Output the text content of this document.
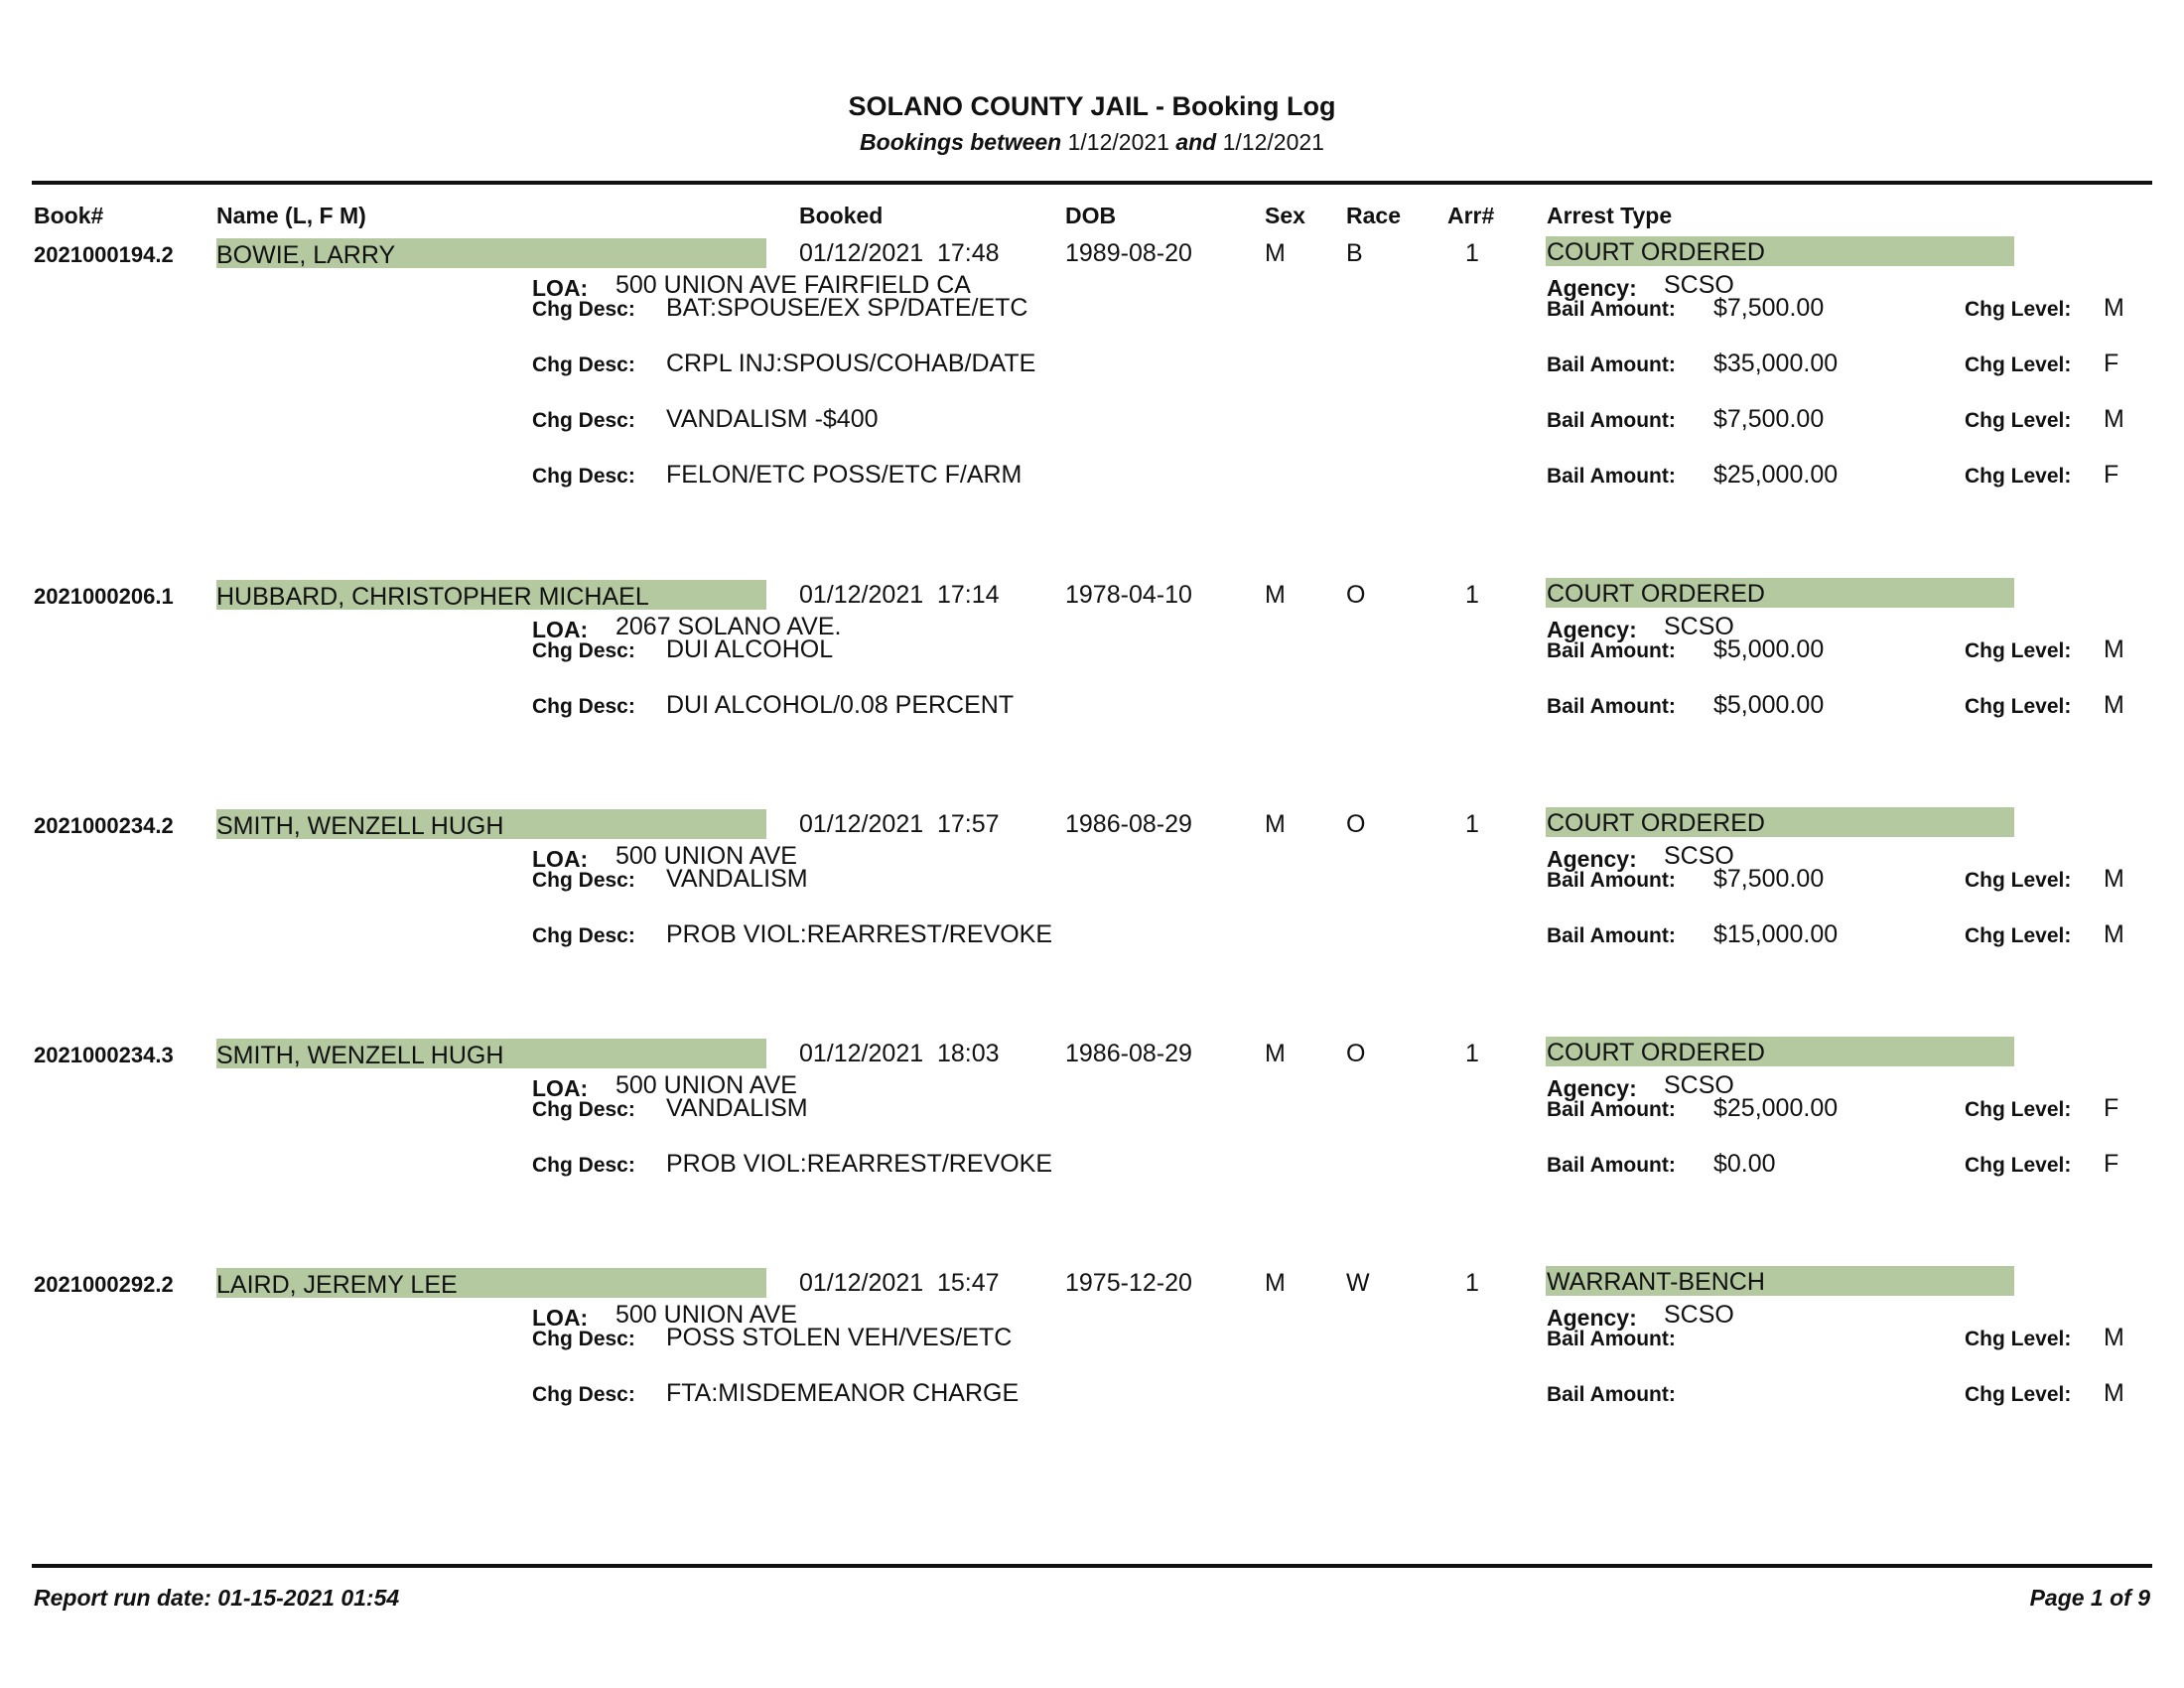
SOLANO COUNTY JAIL - Booking Log
Bookings between 1/12/2021 and 1/12/2021
Book#	Name (L, F M)	Booked	DOB	Sex Race Arr# Arrest Type
2021000194.2 BOWIE, LARRY	01/12/2021 17:48	1989-08-20	M B	1	COURT ORDERED
LOA: 500 UNION AVE FAIRFIELD CA	Agency: SCSO
Chg Desc: BAT:SPOUSE/EX SP/DATE/ETC	Bail Amount: $7,500.00	Chg Level: M
Chg Desc: CRPL INJ:SPOUS/COHAB/DATE	Bail Amount: $35,000.00	Chg Level: F
Chg Desc: VANDALISM -$400	Bail Amount: $7,500.00	Chg Level: M
Chg Desc: FELON/ETC POSS/ETC F/ARM	Bail Amount: $25,000.00	Chg Level: F
2021000206.1 HUBBARD, CHRISTOPHER MICHAEL	01/12/2021 17:14	1978-04-10	M O	1	COURT ORDERED
LOA: 2067 SOLANO AVE.	Agency: SCSO
Chg Desc: DUI ALCOHOL	Bail Amount: $5,000.00	Chg Level: M
Chg Desc: DUI ALCOHOL/0.08 PERCENT	Bail Amount: $5,000.00	Chg Level: M
2021000234.2 SMITH, WENZELL HUGH	01/12/2021 17:57	1986-08-29	M O	1	COURT ORDERED
LOA: 500 UNION AVE	Agency: SCSO
Chg Desc: VANDALISM	Bail Amount: $7,500.00	Chg Level: M
Chg Desc: PROB VIOL:REARREST/REVOKE	Bail Amount: $15,000.00	Chg Level: M
2021000234.3 SMITH, WENZELL HUGH	01/12/2021 18:03	1986-08-29	M O	1	COURT ORDERED
LOA: 500 UNION AVE	Agency: SCSO
Chg Desc: VANDALISM	Bail Amount: $25,000.00	Chg Level: F
Chg Desc: PROB VIOL:REARREST/REVOKE	Bail Amount: $0.00	Chg Level: F
2021000292.2 LAIRD, JEREMY LEE	01/12/2021 15:47	1975-12-20	M W	1	WARRANT-BENCH
LOA: 500 UNION AVE	Agency: SCSO
Chg Desc: POSS STOLEN VEH/VES/ETC	Bail Amount:	Chg Level: M
Chg Desc: FTA:MISDEMEANOR CHARGE	Bail Amount:	Chg Level: M
Report run date: 01-15-2021 01:54	Page 1 of 9
